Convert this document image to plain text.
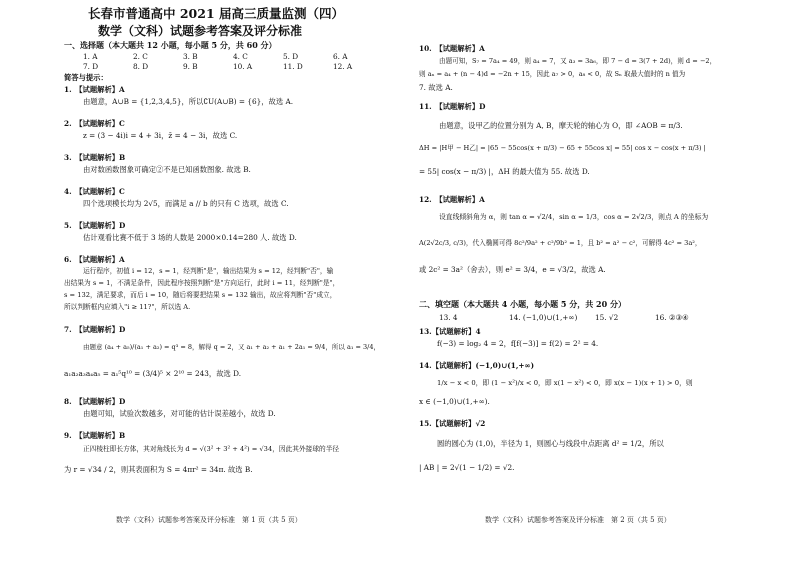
长春市普通高中 2021 届高三质量监测（四）
数学（文科）试题参考答案及评分标准
一、选择题（本大题共 12 小题，每小题 5 分，共 60 分）
1. A	2. C	3. B	4. C	5. D	6. A
7. D	8. D	9. B	10. A	11. D	12. A
简答与提示：
1.　【试题解析】A
由题意，A∪B = {1,2,3,4,5}，所以∁U(A∪B) = {6}，故选 A.
2.　【试题解析】C
z = (3 − 4i)i = 4 + 3i，z̄ = 4 − 3i，故选 C.
3.　【试题解析】B
由对数函数图象可确定②不是已知函数图象. 故选 B.
4.　【试题解析】C
四个选项模长均为 2√5，而满足 a // b 的只有 C 选项，故选 C.
5.　【试题解析】D
估计观看比赛不低于 3 场的人数是 2000×0.14=280 人. 故选 D.
6.　【试题解析】A
运行程序，初值 i = 12，s = 1，经判断"是"，输出结果为 s = 12，经判断"否"，输
出结果为 s = 1，不满足条件，因此程序按照判断"是"方向运行，此时 i = 11，经判断"是"，
s = 132，满足要求，而后 i = 10，随后将要把结果 s = 132 输出，故应将判断"否"成立，
所以判断框内应填入"i ≥ 11?"，所以选 A.
7.　【试题解析】D
由题意 (a₄ + a₅)/(a₁ + a₂) = q³ = 8，解得 q = 2，又 a₁ + a₂ + a₁ + 2a₁ = 9/4，所以 a₁ = 3/4，
a₁a₂a₃a₄a₅ = a₁⁵q¹⁰ = (3/4)⁵ × 2¹⁰ = 243，故选 D.
8.　【试题解析】D
由题可知，试验次数越多，对可能的估计误差越小，故选 D.
9.　【试题解析】B
正四棱柱即长方体，其对角线长为 d = √(3² + 3² + 4²) = √34，因此其外接球的半径
为 r = √34 / 2，则其表面积为 S = 4πr² = 34π. 故选 B.
数学（文科）试题参考答案及评分标准　第 1 页（共 5 页）
10.　【试题解析】A
由题可知，S₇ = 7a₄ = 49，则 a₄ = 7，又 a₃ = 3a₆，即 7 − d = 3(7 + 2d)，则 d = −2，
则 aₙ = a₄ + (n − 4)d = −2n + 15，因此 a₇ > 0，a₈ < 0，故 Sₙ 取最大值时的 n 值为
7. 故选 A.
11.　【试题解析】D
由题意，设甲乙的位置分别为 A, B，摩天轮的轴心为 O，即 ∠AOB = π/3.
ΔH = |H甲 − H乙| = |65 − 55cos(x + π/3) − 65 + 55cos x| = 55| cos x − cos(x + π/3) |
= 55| cos(x − π/3) |，ΔH 的最大值为 55. 故选 D.
12.　【试题解析】A
设直线倾斜角为 α，则 tan α = √2/4，sin α = 1/3，cos α = 2√2/3，则点 A 的坐标为
A(2√2c/3, c/3)，代入椭圆可得 8c²/9a² + c²/9b² = 1，且 b² = a² − c²，可解得 4c² = 3a²，
或 2c² = 3a²（舍去），则 e² = 3/4，e = √3/2，故选 A.
二、填空题（本大题共 4 小题，每小题 5 分，共 20 分）
13. 4	14. (−1,0)∪(1,+∞) 15. √2	16. ②③④
13.【试题解析】4
f(−3) = log₂ 4 = 2，f[f(−3)] = f(2) = 2² = 4.
14.【试题解析】(−1,0)∪(1,+∞)
1/x − x < 0，即 (1 − x²)/x < 0，即 x(1 − x²) < 0，即 x(x − 1)(x + 1) > 0，则
x ∈ (−1,0)∪(1,+∞).
15.【试题解析】√2
圆的圆心为 (1,0)，半径为 1，则圆心与线段中点距离 d² = 1/2，所以
| AB | = 2√(1 − 1/2) = √2.
数学（文科）试题参考答案及评分标准　第 2 页（共 5 页）
